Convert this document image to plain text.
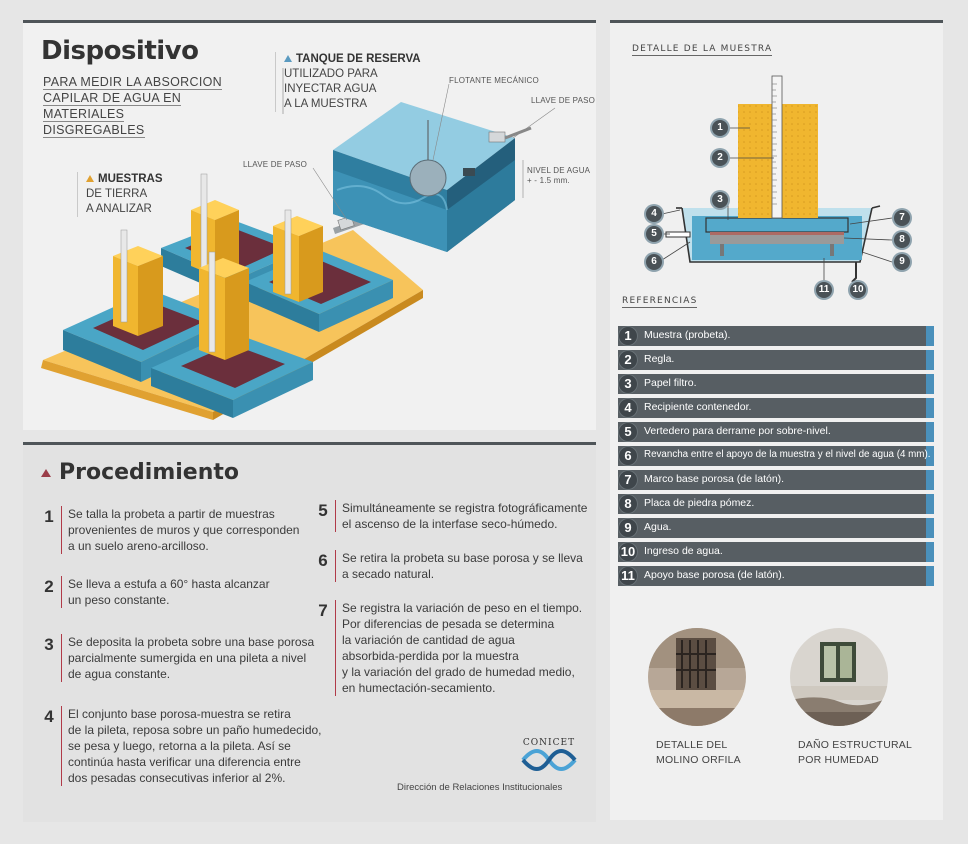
Dispositivo
PARA MEDIR LA ABSORCION
CAPILAR DE AGUA EN
MATERIALES DISGREGABLES
TANQUE DE RESERVA
UTILIZADO PARA
INYECTAR AGUA
A LA MUESTRA
MUESTRAS
DE TIERRA
A ANALIZAR
FLOTANTE MECÁNICO
LLAVE DE PASO
LLAVE DE PASO
NIVEL DE AGUA
+ - 1.5 mm.
Procedimiento
1 Se talla la probeta a partir de muestras
provenientes de muros y que corresponden
a un suelo areno-arcilloso.
2 Se lleva a estufa a 60° hasta alcanzar
un peso constante.
3 Se deposita la probeta sobre una base porosa
parcialmente sumergida en una pileta a nivel
de agua constante.
4 El conjunto base porosa-muestra se retira
de la pileta, reposa sobre un paño humedecido,
se pesa y luego, retorna a la pileta. Así se
continúa hasta verificar una diferencia entre
dos pesadas consecutivas inferior al 2%.
5 Simultáneamente se registra fotográficamente
el ascenso de la interfase seco-húmedo.
6 Se retira la probeta su base porosa y se lleva
a secado natural.
7 Se registra la variación de peso en el tiempo.
Por diferencias de pesada se determina
la variación de cantidad de agua
absorbida-perdida por la muestra
y la variación del grado de humedad medio,
en humectación-secamiento.
CONICET
Dirección de Relaciones Institucionales
DETALLE DE LA MUESTRA
1
2
3
4
5
6
7
8
9
10
11
REFERENCIAS
1	Muestra (probeta).
2	Regla.
3	Papel filtro.
4	Recipiente contenedor.
5	Vertedero para derrame por sobre-nivel.
6	Revancha entre el apoyo de la muestra y el nivel de agua (4 mm).
7	Marco base porosa (de latón).
8	Placa de piedra pómez.
9	Agua.
10 Ingreso de agua.
11 Apoyo base porosa (de latón).
DETALLE DEL
MOLINO ORFILA
DAÑO ESTRUCTURAL
POR HUMEDAD
